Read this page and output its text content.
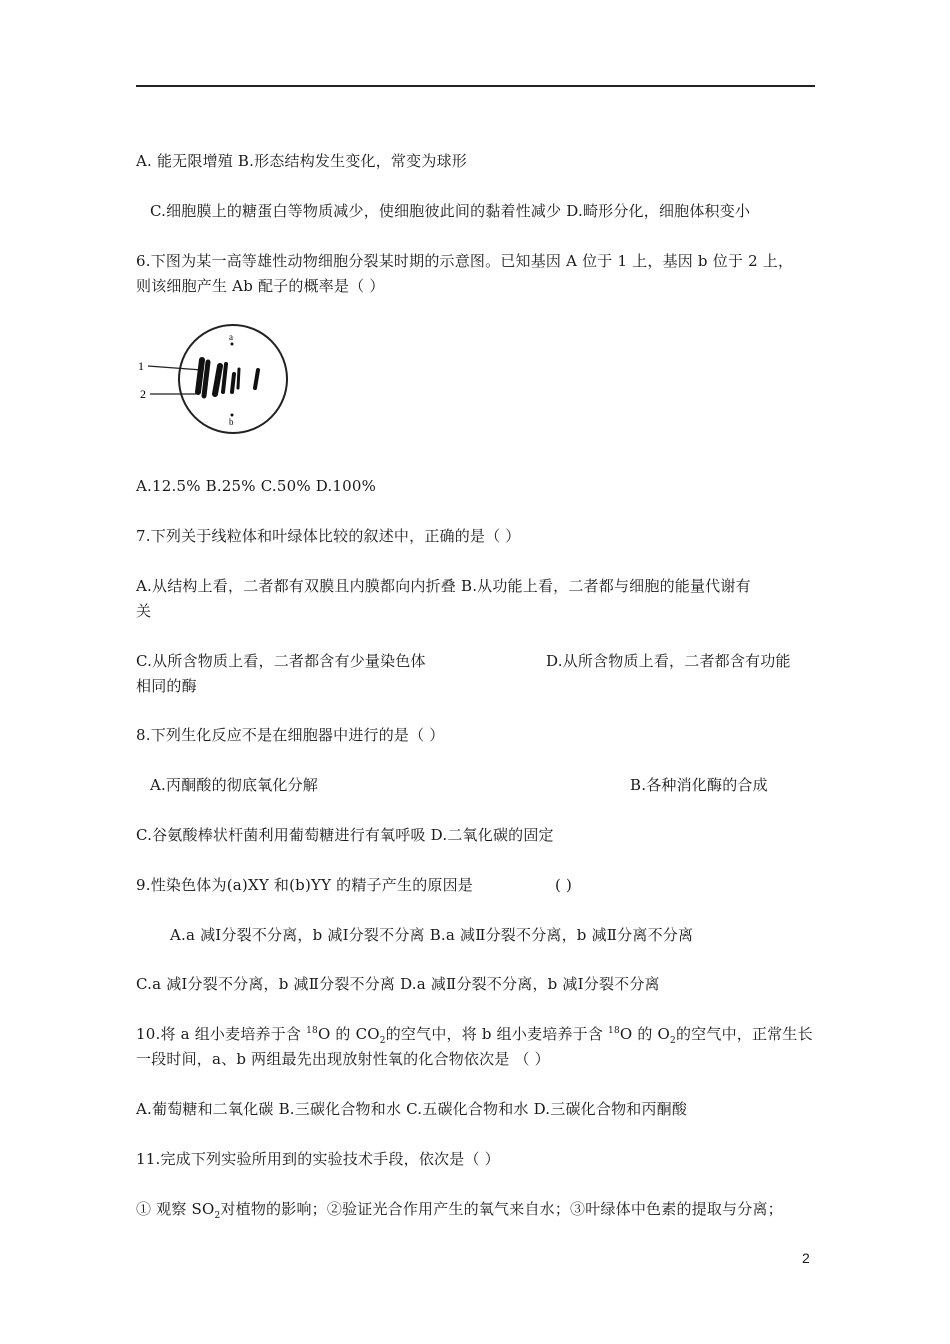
A. 能无限增殖 B.形态结构发生变化，常变为球形
C.细胞膜上的糖蛋白等物质减少，使细胞彼此间的黏着性减少 D.畸形分化，细胞体积变小
6.下图为某一高等雄性动物细胞分裂某时期的示意图。已知基因 A 位于 1 上，基因 b 位于 2 上，
则该细胞产生 Ab 配子的概率是（ ）
1
2
a
b
A.12.5% B.25% C.50% D.100%
7.下列关于线粒体和叶绿体比较的叙述中，正确的是（ ）
A.从结构上看，二者都有双膜且内膜都向内折叠 B.从功能上看，二者都与细胞的能量代谢有
关
C.从所含物质上看，二者都含有少量染色体	D.从所含物质上看，二者都含有功能
相同的酶
8.下列生化反应不是在细胞器中进行的是（ ）
A.丙酮酸的彻底氧化分解	B.各种消化酶的合成
C.谷氨酸棒状杆菌利用葡萄糖进行有氧呼吸 D.二氧化碳的固定
9.性染色体为(a)XY 和(b)YY 的精子产生的原因是	( )
A.a 减Ⅰ分裂不分离，b 减Ⅰ分裂不分离 B.a 减Ⅱ分裂不分离，b 减Ⅱ分离不分离
C.a 减Ⅰ分裂不分离，b 减Ⅱ分裂不分离 D.a 减Ⅱ分裂不分离，b 减Ⅰ分裂不分离
10.将 a 组小麦培养于含 $^{18}$O 的 $CO_2$的空气中，将 b 组小麦培养于含 $^{18}$O 的 $O_2$的空气中，正常生长
一段时间，a、b 两组最先出现放射性氧的化合物依次是 （ ）
A.葡萄糖和二氧化碳 B.三碳化合物和水 C.五碳化合物和水 D.三碳化合物和丙酮酸
11.完成下列实验所用到的实验技术手段，依次是（ ）
① 观察 $SO_2$对植物的影响；②验证光合作用产生的氧气来自水；③叶绿体中色素的提取与分离；
2
